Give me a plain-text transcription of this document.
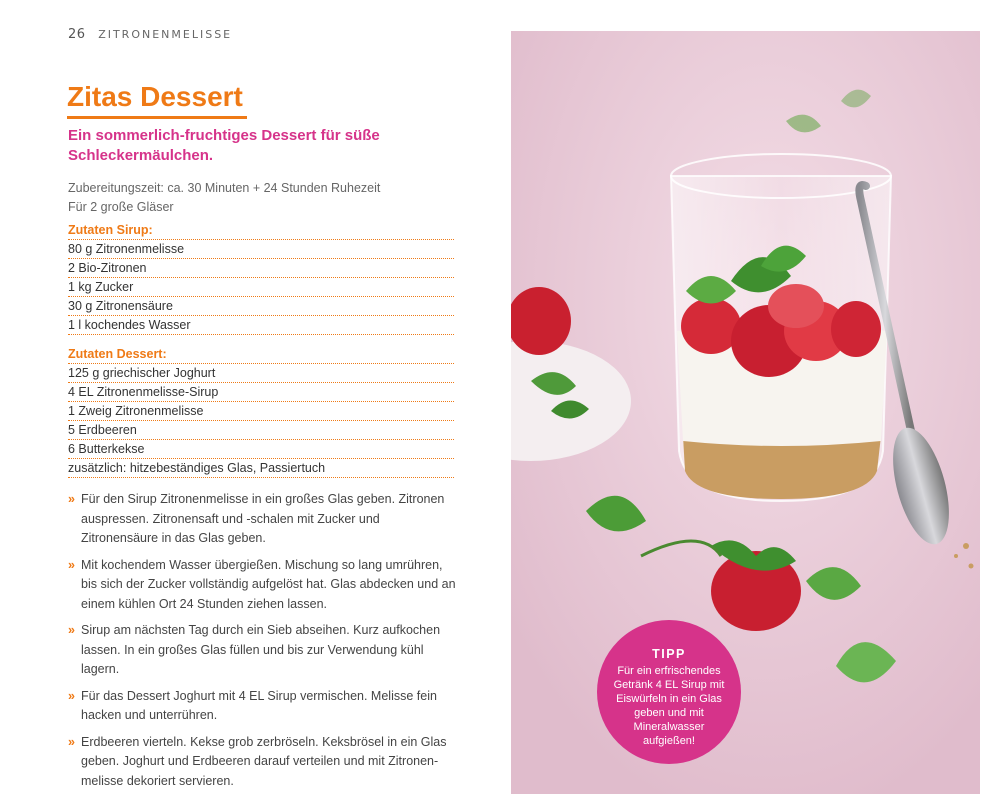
26 ZITRONENMELISSE
Zitas Dessert
Ein sommerlich-fruchtiges Dessert für süße Schleckermäulchen.
Zubereitungszeit: ca. 30 Minuten + 24 Stunden Ruhezeit
Für 2 große Gläser
Zutaten Sirup:
80 g Zitronenmelisse
2 Bio-Zitronen
1 kg Zucker
30 g Zitronensäure
1 l kochendes Wasser
Zutaten Dessert:
125 g griechischer Joghurt
4 EL Zitronenmelisse-Sirup
1 Zweig Zitronenmelisse
5 Erdbeeren
6 Butterkekse
zusätzlich: hitzebeständiges Glas, Passiertuch
» Für den Sirup Zitronenmelisse in ein großes Glas geben. Zitronen auspressen. Zitronensaft und -schalen mit Zucker und Zitronensäure in das Glas geben.
» Mit kochendem Wasser übergießen. Mischung so lang umrühren, bis sich der Zucker vollständig aufgelöst hat. Glas abdecken und an einem kühlen Ort 24 Stunden ziehen lassen.
» Sirup am nächsten Tag durch ein Sieb abseihen. Kurz aufkochen lassen. In ein großes Glas füllen und bis zur Verwendung kühl lagern.
» Für das Dessert Joghurt mit 4 EL Sirup vermischen. Melisse fein hacken und unterrühren.
» Erdbeeren vierteln. Kekse grob zerbröseln. Keksbrösel in ein Glas geben. Joghurt und Erdbeeren darauf verteilen und mit Zitronen-melisse dekoriert servieren.
TIPP
Für ein erfrischendes Getränk 4 EL Sirup mit Eiswürfeln in ein Glas geben und mit Mineralwasser aufgießen!
